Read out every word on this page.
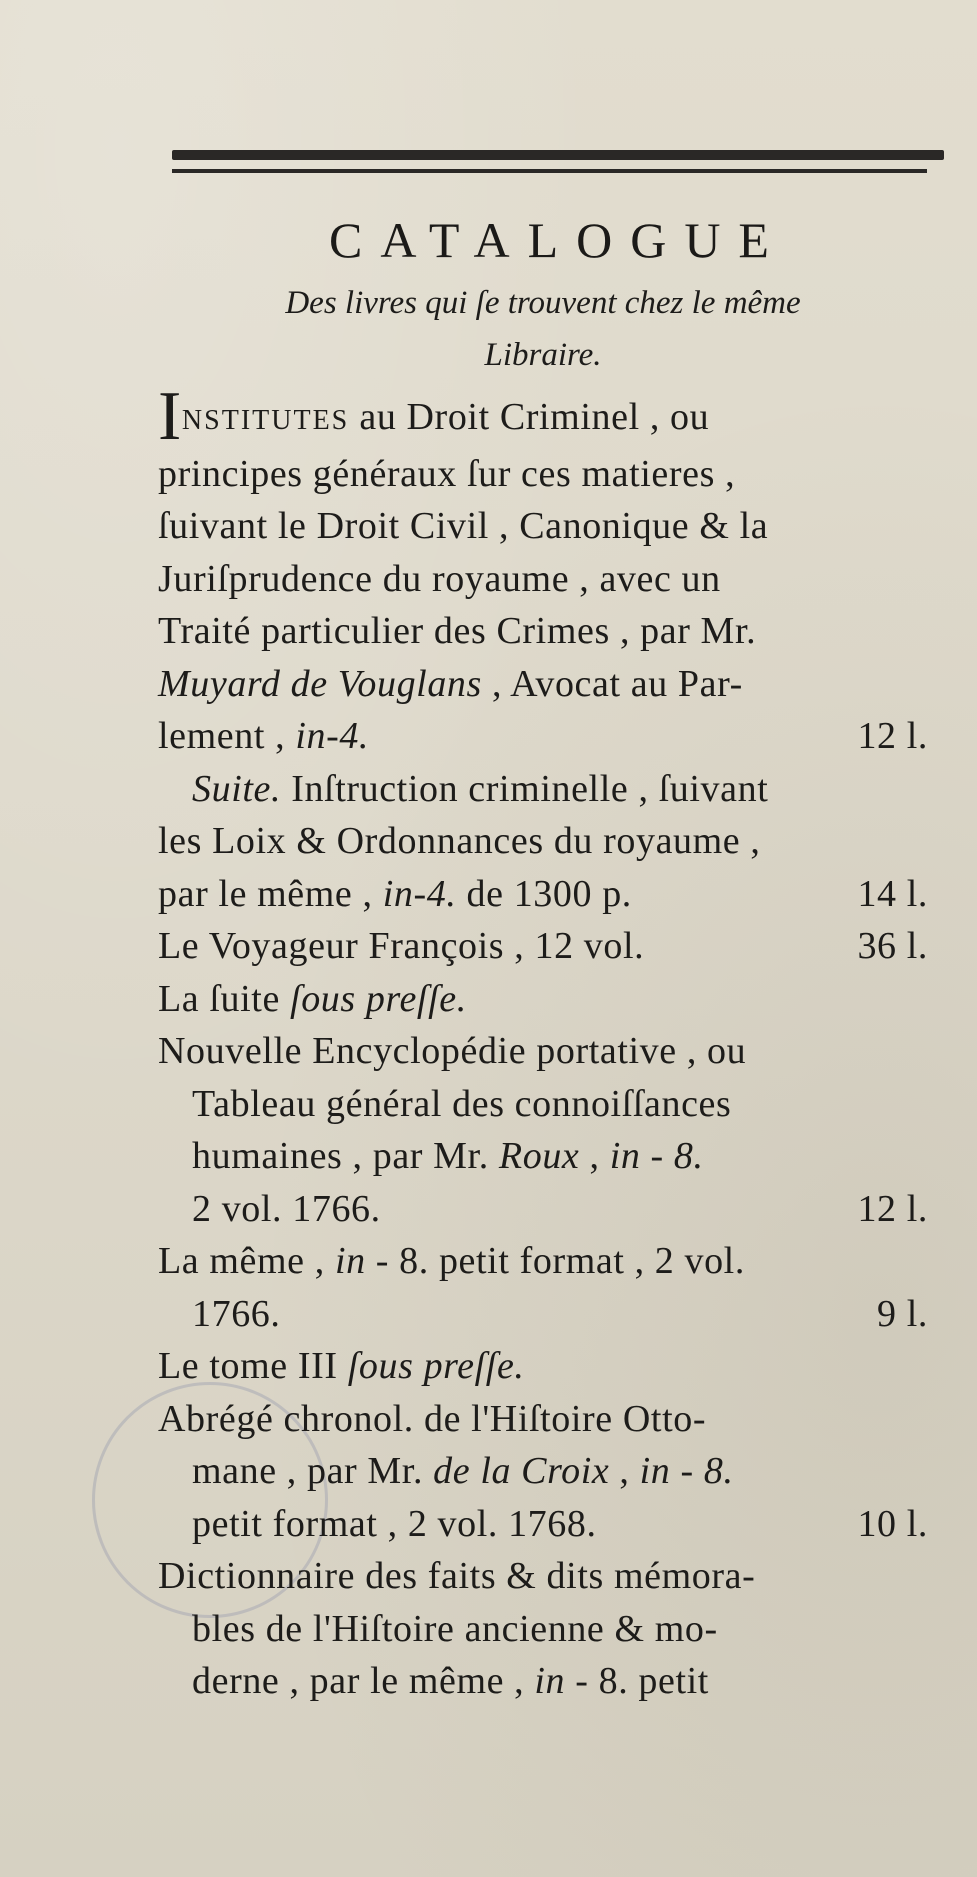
CATALOGUE
Des livres qui ſe trouvent chez le même
Libraire.
INSTITUTES au Droit Criminel , ou
principes généraux ſur ces matieres ,
ſuivant le Droit Civil , Canonique & la
Juriſprudence du royaume , avec un
Traité particulier des Crimes , par Mr.
Muyard de Vouglans , Avocat au Par-
lement , in-4.	12 l.
Suite. Inſtruction criminelle , ſuivant
les Loix & Ordonnances du royaume ,
par le même , in-4. de 1300 p.	14 l.
Le Voyageur François , 12 vol.	36 l.
La ſuite ſous preſſe.
Nouvelle Encyclopédie portative , ou
Tableau général des connoiſſances
humaines , par Mr. Roux , in - 8.
2 vol. 1766.	12 l.
La même , in - 8. petit format , 2 vol.
1766.	9 l.
Le tome III ſous preſſe.
Abrégé chronol. de l'Hiſtoire Otto-
mane , par Mr. de la Croix , in - 8.
petit format , 2 vol. 1768.	10 l.
Dictionnaire des faits & dits mémora-
bles de l'Hiſtoire ancienne & mo-
derne , par le même , in - 8. petit
